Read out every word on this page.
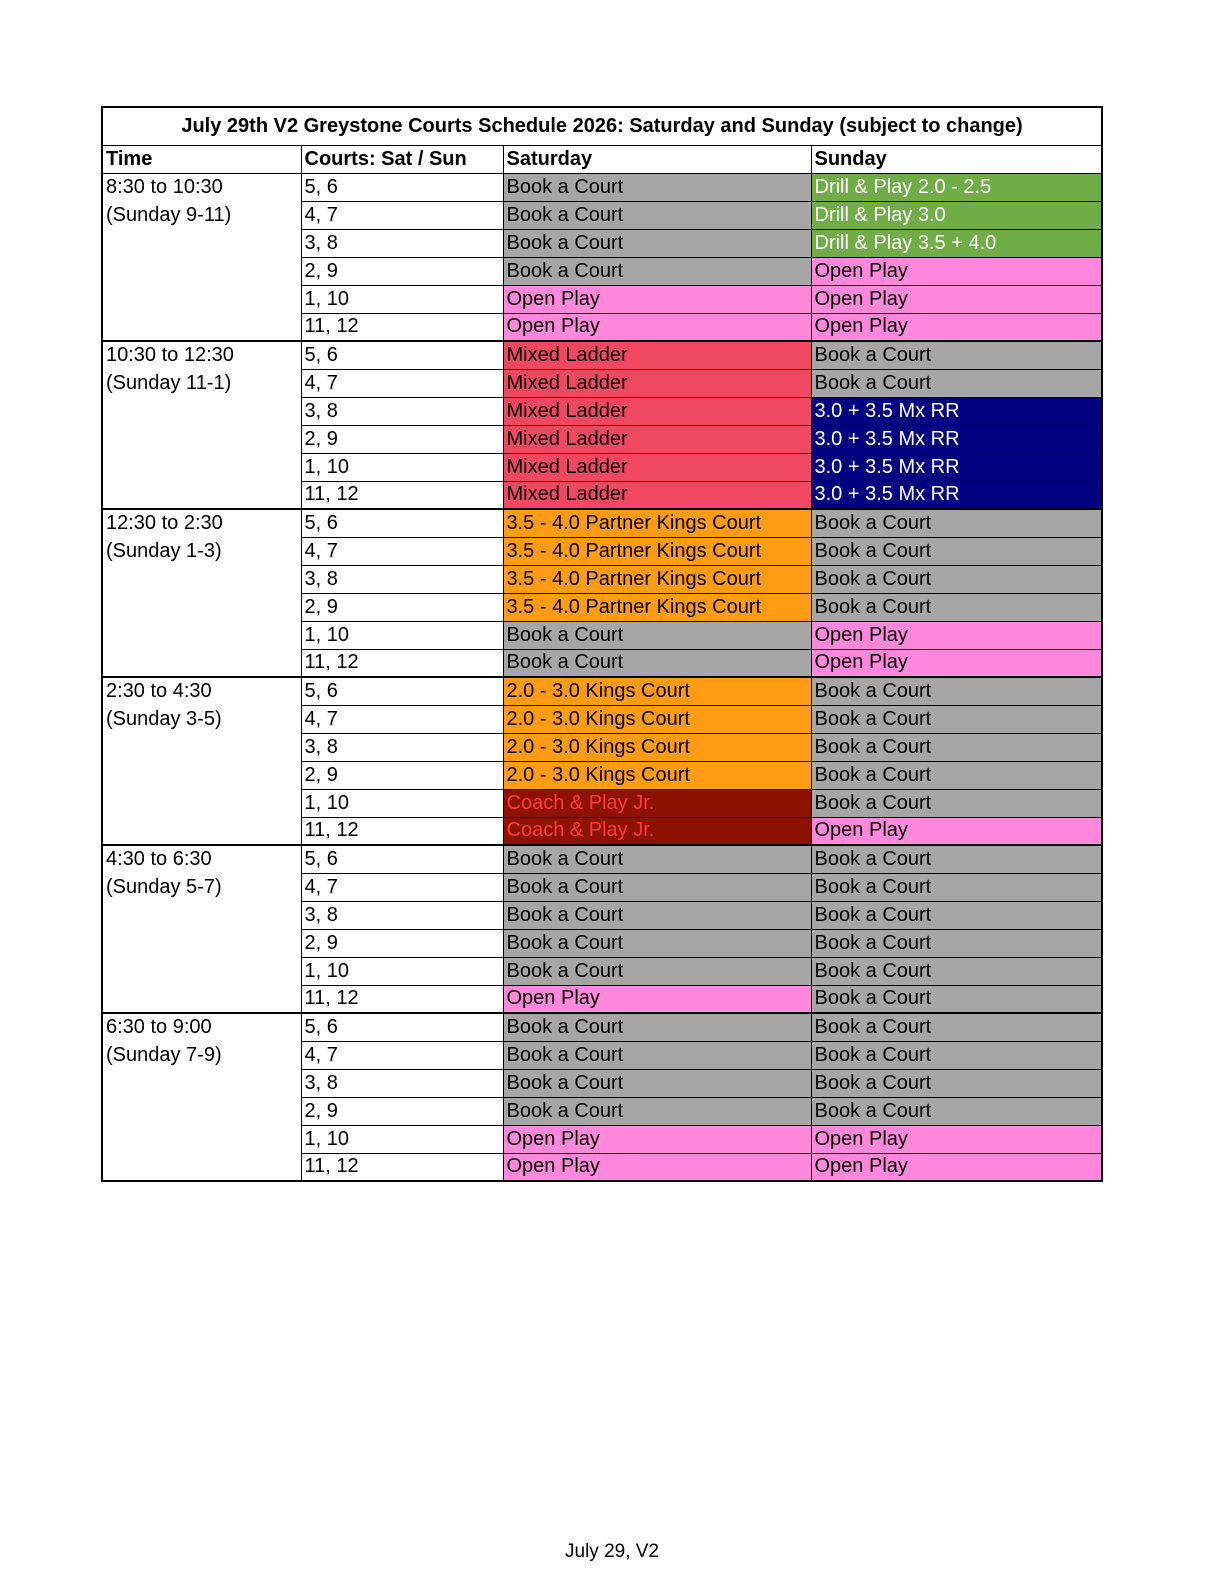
July 29th V2 Greystone Courts Schedule 2026: Saturday and Sunday (subject to change)			
Time	Courts: Sat / Sun	Saturday	Sunday
8:30 to 10:30	5, 6	Book a Court	Drill & Play 2.0 - 2.5
(Sunday 9-11)	4, 7	Book a Court	Drill & Play 3.0
	3, 8	Book a Court	Drill & Play 3.5 + 4.0
	2, 9	Book a Court	Open Play
	1, 10	Open Play	Open Play
	11, 12	Open Play	Open Play
10:30 to 12:30	5, 6	Mixed Ladder	Book a Court
(Sunday 11-1)	4, 7	Mixed Ladder	Book a Court
	3, 8	Mixed Ladder	3.0 + 3.5 Mx RR
	2, 9	Mixed Ladder	3.0 + 3.5 Mx RR
	1, 10	Mixed Ladder	3.0 + 3.5 Mx RR
	11, 12	Mixed Ladder	3.0 + 3.5 Mx RR
12:30 to 2:30	5, 6	3.5 - 4.0 Partner Kings Court	Book a Court
(Sunday 1-3)	4, 7	3.5 - 4.0 Partner Kings Court	Book a Court
	3, 8	3.5 - 4.0 Partner Kings Court	Book a Court
	2, 9	3.5 - 4.0 Partner Kings Court	Book a Court
	1, 10	Book a Court	Open Play
	11, 12	Book a Court	Open Play
2:30 to 4:30	5, 6	2.0 - 3.0 Kings Court	Book a Court
(Sunday 3-5)	4, 7	2.0 - 3.0 Kings Court	Book a Court
	3, 8	2.0 - 3.0 Kings Court	Book a Court
	2, 9	2.0 - 3.0 Kings Court	Book a Court
	1, 10	Coach & Play Jr.	Book a Court
	11, 12	Coach & Play Jr.	Open Play
4:30 to 6:30	5, 6	Book a Court	Book a Court
(Sunday 5-7)	4, 7	Book a Court	Book a Court
	3, 8	Book a Court	Book a Court
	2, 9	Book a Court	Book a Court
	1, 10	Book a Court	Book a Court
	11, 12	Open Play	Book a Court
6:30 to 9:00	5, 6	Book a Court	Book a Court
(Sunday 7-9)	4, 7	Book a Court	Book a Court
	3, 8	Book a Court	Book a Court
	2, 9	Book a Court	Book a Court
	1, 10	Open Play	Open Play
	11, 12	Open Play	Open Play
July 29, V2
